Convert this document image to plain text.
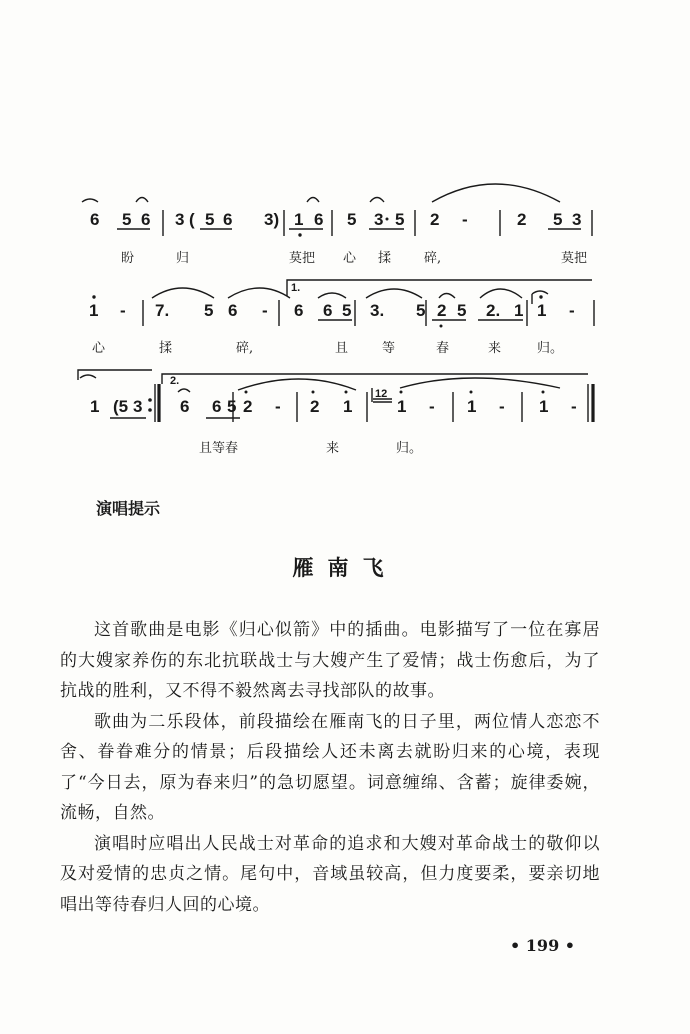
1.
2.
12
6 5 6 3 ( 5 6 3) 1 6 5 3 5 2 -	2 5 3
1 - 7. 5 6 - 6 6 5 3. 5 2 5 2. 1 1 -
1 (5 3 6 6 5 2 - 2 1	1 - 1 - 1 -
盼	归	莫把 心 揉	碎,	莫把
心	揉	碎,	且	等	春	来	归。
且等春	来	归。
演唱提示
雁南飞

这首歌曲是电影《归心似箭》中的插曲。电影描写了一位在寡居的大嫂家养伤的东北抗联战士与大嫂产生了爱情；战士伤愈后，为了抗战的胜利，又不得不毅然离去寻找部队的故事。

歌曲为二乐段体，前段描绘在雁南飞的日子里，两位情人恋恋不舍、眷眷难分的情景；后段描绘人还未离去就盼归来的心境，表现了“今日去，原为春来归”的急切愿望。词意缠绵、含蓄；旋律委婉，流畅，自然。

演唱时应唱出人民战士对革命的追求和大嫂对革命战士的敬仰以及对爱情的忠贞之情。尾句中，音域虽较高，但力度要柔，要亲切地唱出等待春归人回的心境。

• 199 •
